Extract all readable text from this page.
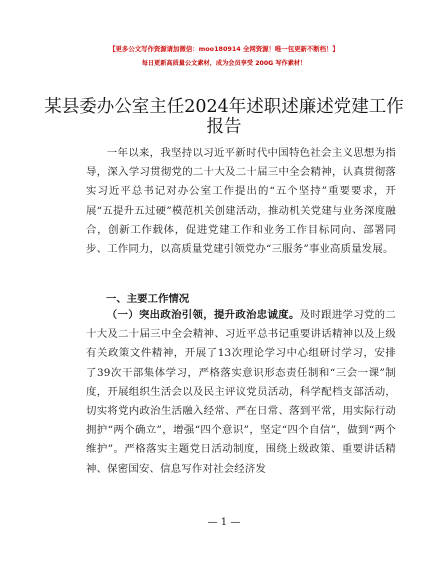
【更多公文写作资源请加微信：moo180914 全网资源！唯一包更新不断档！】
每日更新高质量公文素材，成为会员享受 200G 写作素材！
某县委办公室主任2024年述职述廉述党建工作
报告
一年以来，我坚持以习近平新时代中国特色社会主义思想为指导，深入学习贯彻党的二十大及二十届三中全会精神，认真贯彻落实习近平总书记对办公室工作提出的“五个坚持”重要要求，开展“五提升五过硬”模范机关创建活动，推动机关党建与业务深度融合，创新工作载体，促进党建工作和业务工作目标同向、部署同步、工作同力，以高质量党建引领党办“三服务”事业高质量发展。
一、主要工作情况
（一）突出政治引领，提升政治忠诚度。及时跟进学习党的二十大及二十届三中全会精神、习近平总书记重要讲话精神以及上级有关政策文件精神，开展了13次理论学习中心组研讨学习，安排了39次干部集体学习，严格落实意识形态责任制和“三会一课”制度，开展组织生活会以及民主评议党员活动，科学配档支部活动，切实将党内政治生活融入经常、严在日常、落到平常，用实际行动拥护“两个确立”，增强“四个意识”，坚定“四个自信”，做到“两个维护”。严格落实主题党日活动制度，围绕上级政策、重要讲话精神、保密国安、信息写作对社会经济发
— 1 —
